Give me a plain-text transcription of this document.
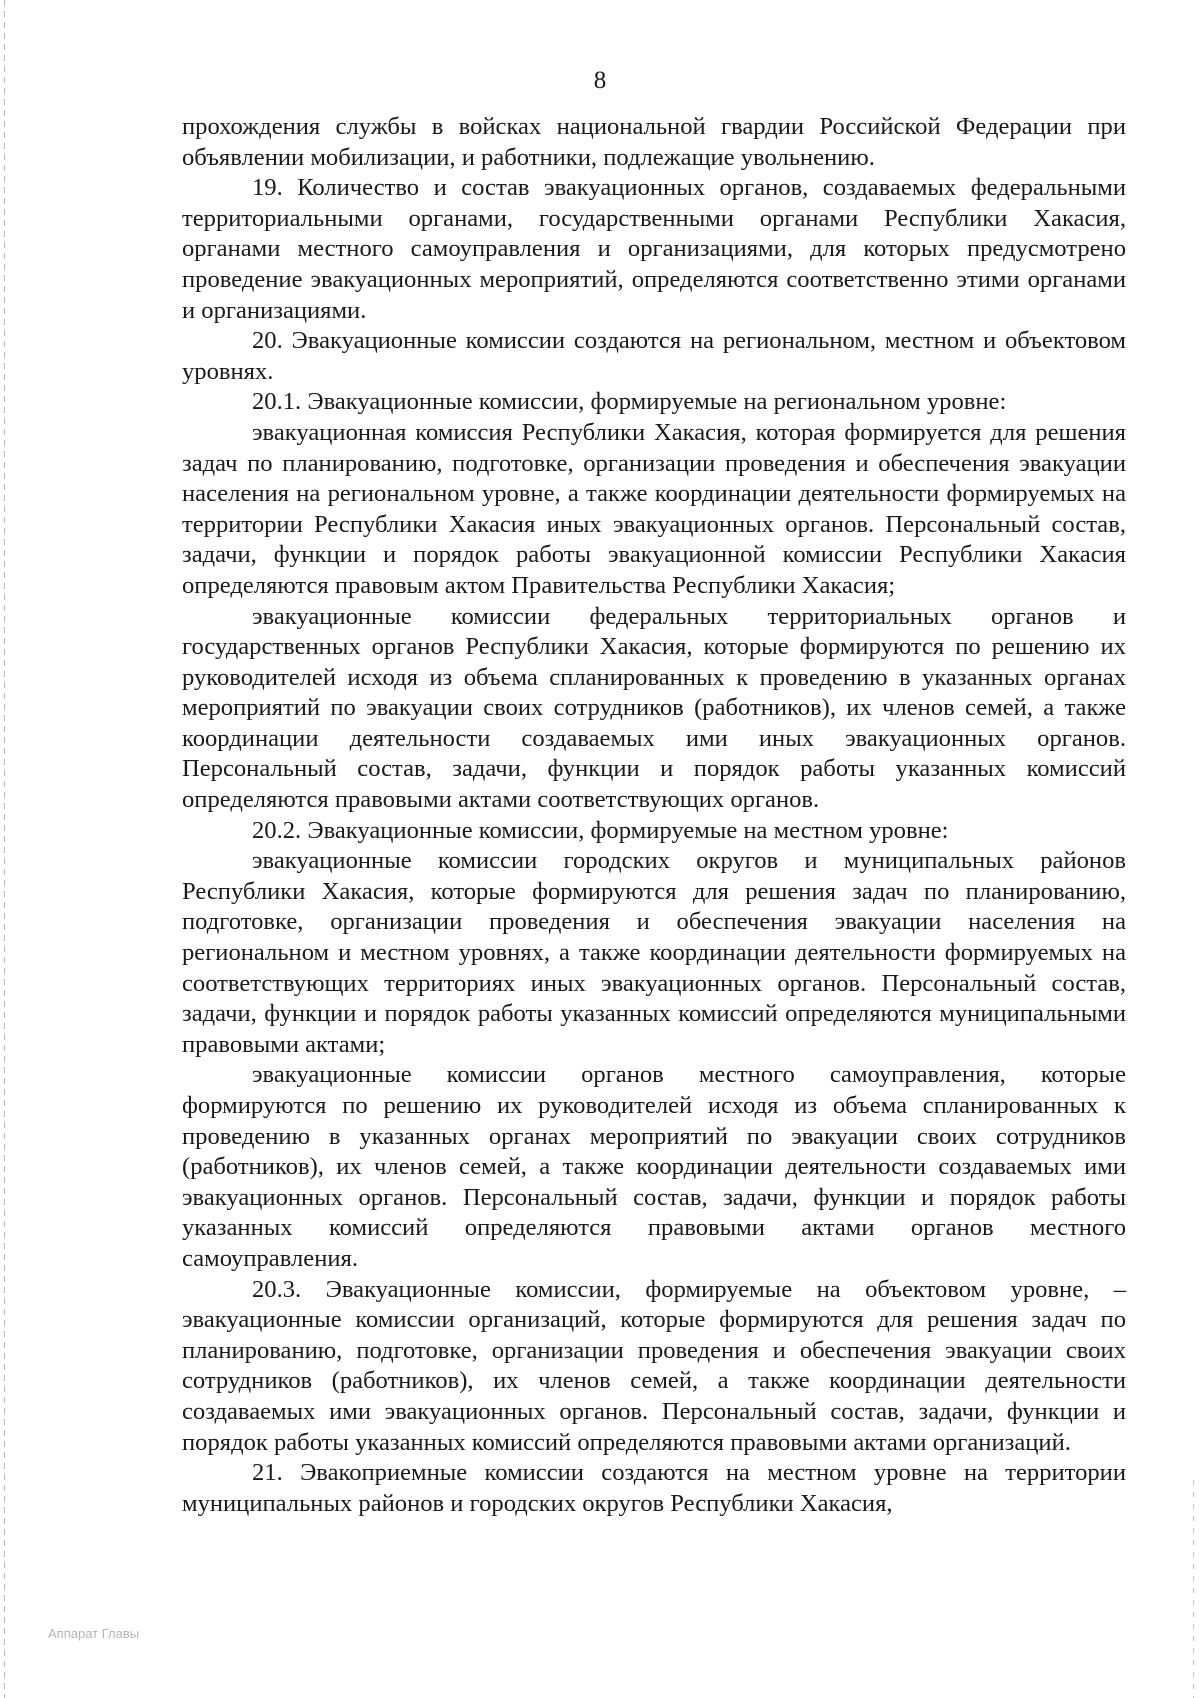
8

прохождения службы в войсках национальной гвардии Российской Федерации при объявлении мобилизации, и работники, подлежащие увольнению.

19. Количество и состав эвакуационных органов, создаваемых федеральными территориальными органами, государственными органами Республики Хакасия, органами местного самоуправления и организациями, для которых предусмотрено проведение эвакуационных мероприятий, определяются соответственно этими органами и организациями.

20. Эвакуационные комиссии создаются на региональном, местном и объектовом уровнях.

20.1. Эвакуационные комиссии, формируемые на региональном уровне:

эвакуационная комиссия Республики Хакасия, которая формируется для решения задач по планированию, подготовке, организации проведения и обеспечения эвакуации населения на региональном уровне, а также координации деятельности формируемых на территории Республики Хакасия иных эвакуационных органов. Персональный состав, задачи, функции и порядок работы эвакуационной комиссии Республики Хакасия определяются правовым актом Правительства Республики Хакасия;

эвакуационные комиссии федеральных территориальных органов и государственных органов Республики Хакасия, которые формируются по решению их руководителей исходя из объема спланированных к проведению в указанных органах мероприятий по эвакуации своих сотрудников (работников), их членов семей, а также координации деятельности создаваемых ими иных эвакуационных органов. Персональный состав, задачи, функции и порядок работы указанных комиссий определяются правовыми актами соответствующих органов.

20.2. Эвакуационные комиссии, формируемые на местном уровне:

эвакуационные комиссии городских округов и муниципальных районов Республики Хакасия, которые формируются для решения задач по планированию, подготовке, организации проведения и обеспечения эвакуации населения на региональном и местном уровнях, а также координации деятельности формируемых на соответствующих территориях иных эвакуационных органов. Персональный состав, задачи, функции и порядок работы указанных комиссий определяются муниципальными правовыми актами;

эвакуационные комиссии органов местного самоуправления, которые формируются по решению их руководителей исходя из объема спланированных к проведению в указанных органах мероприятий по эвакуации своих сотрудников (работников), их членов семей, а также координации деятельности создаваемых ими эвакуационных органов. Персональный состав, задачи, функции и порядок работы указанных комиссий определяются правовыми актами органов местного самоуправления.

20.3. Эвакуационные комиссии, формируемые на объектовом уровне, – эвакуационные комиссии организаций, которые формируются для решения задач по планированию, подготовке, организации проведения и обеспечения эвакуации своих сотрудников (работников), их членов семей, а также координации деятельности создаваемых ими эвакуационных органов. Персональный состав, задачи, функции и порядок работы указанных комиссий определяются правовыми актами организаций.

21. Эвакоприемные комиссии создаются на местном уровне на территории муниципальных районов и городских округов Республики Хакасия,

Аппарат Главы
